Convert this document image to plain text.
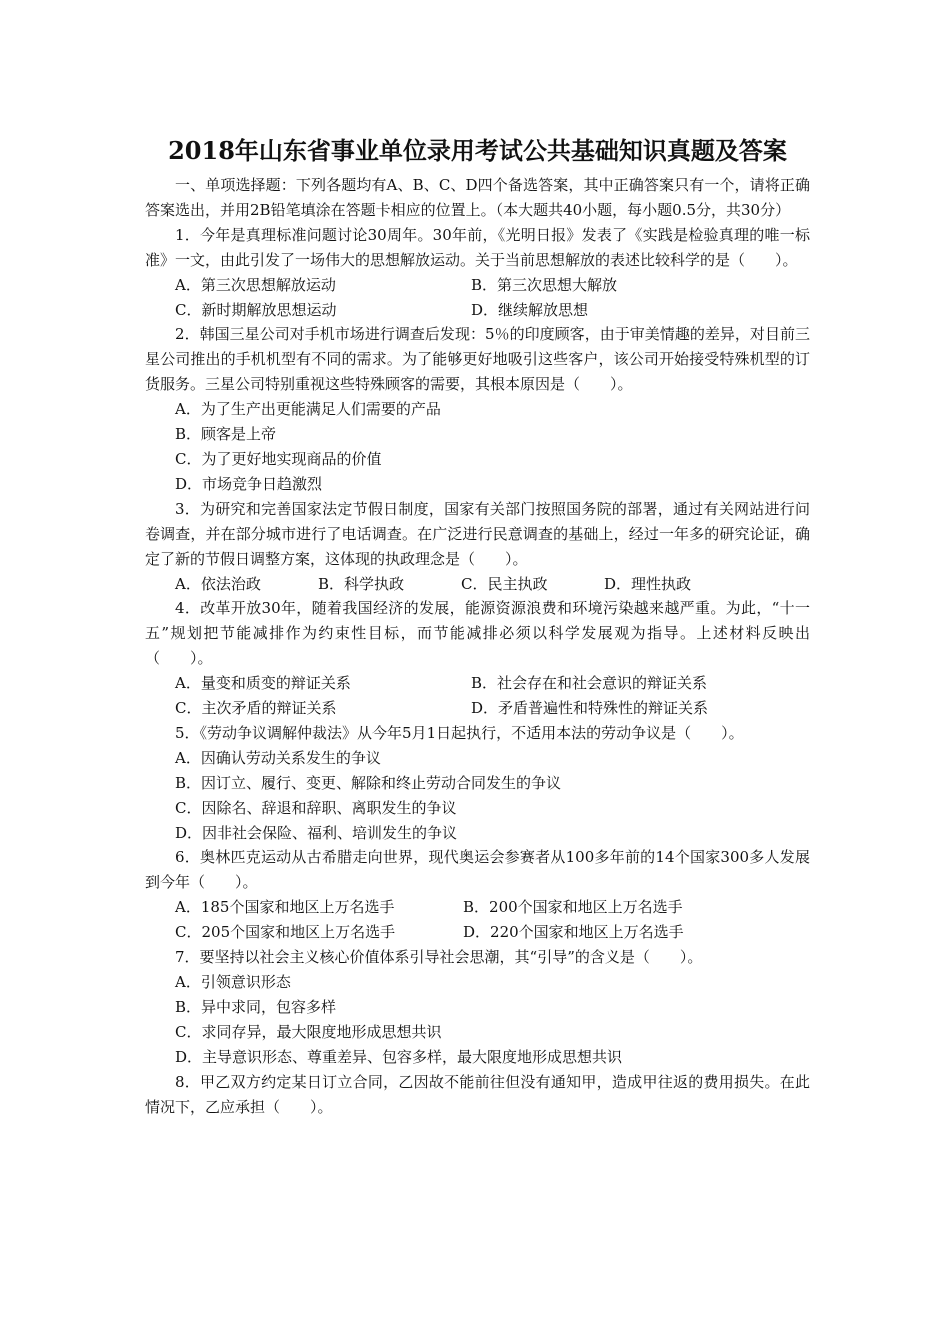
2018年山东省事业单位录用考试公共基础知识真题及答案

一、单项选择题：下列各题均有A、B、C、D四个备选答案，其中正确答案只有一个，请将正确答案选出，并用2B铅笔填涂在答题卡相应的位置上。（本大题共40小题，每小题0.5分，共30分）

1．今年是真理标准问题讨论30周年。30年前，《光明日报》发表了《实践是检验真理的唯一标准》一文，由此引发了一场伟大的思想解放运动。关于当前思想解放的表述比较科学的是（　　）。

A．第三次思想解放运动	B．第三次思想大解放
C．新时期解放思想运动	D．继续解放思想

2．韩国三星公司对手机市场进行调查后发现：5％的印度顾客，由于审美情趣的差异，对目前三星公司推出的手机机型有不同的需求。为了能够更好地吸引这些客户，该公司开始接受特殊机型的订货服务。三星公司特别重视这些特殊顾客的需要，其根本原因是（　　）。

A．为了生产出更能满足人们需要的产品
B．顾客是上帝
C．为了更好地实现商品的价值
D．市场竞争日趋激烈

3．为研究和完善国家法定节假日制度，国家有关部门按照国务院的部署，通过有关网站进行问卷调查，并在部分城市进行了电话调查。在广泛进行民意调查的基础上，经过一年多的研究论证，确定了新的节假日调整方案，这体现的执政理念是（　　）。

A．依法治政	B．科学执政	C．民主执政	D．理性执政

4．改革开放30年，随着我国经济的发展，能源资源浪费和环境污染越来越严重。为此，“十一五”规划把节能减排作为约束性目标，而节能减排必须以科学发展观为指导。上述材料反映出（　　）。

A．量变和质变的辩证关系	B．社会存在和社会意识的辩证关系
C．主次矛盾的辩证关系	D．矛盾普遍性和特殊性的辩证关系

5．《劳动争议调解仲裁法》从今年5月1日起执行，不适用本法的劳动争议是（　　）。

A．因确认劳动关系发生的争议
B．因订立、履行、变更、解除和终止劳动合同发生的争议
C．因除名、辞退和辞职、离职发生的争议
D．因非社会保险、福利、培训发生的争议

6．奥林匹克运动从古希腊走向世界，现代奥运会参赛者从100多年前的14个国家300多人发展到今年（　　）。

A．185个国家和地区上万名选手	B．200个国家和地区上万名选手
C．205个国家和地区上万名选手	D．220个国家和地区上万名选手

7．要坚持以社会主义核心价值体系引导社会思潮，其“引导”的含义是（　　）。

A．引领意识形态
B．异中求同，包容多样
C．求同存异，最大限度地形成思想共识
D．主导意识形态、尊重差异、包容多样，最大限度地形成思想共识

8．甲乙双方约定某日订立合同，乙因故不能前往但没有通知甲，造成甲往返的费用损失。在此情况下，乙应承担（　　）。
